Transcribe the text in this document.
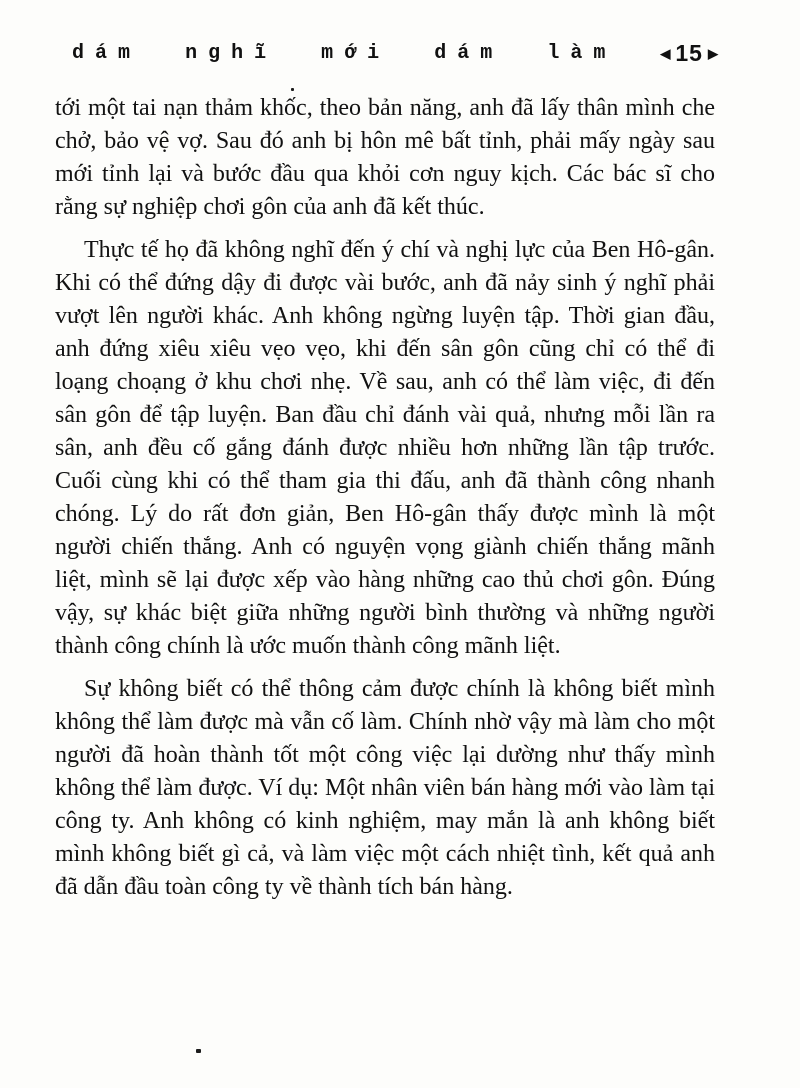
dám nghĩ mới dám làm	◀ 15 ▶

tới một tai nạn thảm khốc, theo bản năng, anh đã lấy thân mình che chở, bảo vệ vợ. Sau đó anh bị hôn mê bất tỉnh, phải mấy ngày sau mới tỉnh lại và bước đầu qua khỏi cơn nguy kịch. Các bác sĩ cho rằng sự nghiệp chơi gôn của anh đã kết thúc.

Thực tế họ đã không nghĩ đến ý chí và nghị lực của Ben Hô-gân. Khi có thể đứng dậy đi được vài bước, anh đã nảy sinh ý nghĩ phải vượt lên người khác. Anh không ngừng luyện tập. Thời gian đầu, anh đứng xiêu xiêu vẹo vẹo, khi đến sân gôn cũng chỉ có thể đi loạng choạng ở khu chơi nhẹ. Về sau, anh có thể làm việc, đi đến sân gôn để tập luyện. Ban đầu chỉ đánh vài quả, nhưng mỗi lần ra sân, anh đều cố gắng đánh được nhiều hơn những lần tập trước. Cuối cùng khi có thể tham gia thi đấu, anh đã thành công nhanh chóng. Lý do rất đơn giản, Ben Hô-gân thấy được mình là một người chiến thắng. Anh có nguyện vọng giành chiến thắng mãnh liệt, mình sẽ lại được xếp vào hàng những cao thủ chơi gôn. Đúng vậy, sự khác biệt giữa những người bình thường và những người thành công chính là ước muốn thành công mãnh liệt.

Sự không biết có thể thông cảm được chính là không biết mình không thể làm được mà vẫn cố làm. Chính nhờ vậy mà làm cho một người đã hoàn thành tốt một công việc lại dường như thấy mình không thể làm được. Ví dụ: Một nhân viên bán hàng mới vào làm tại công ty. Anh không có kinh nghiệm, may mắn là anh không biết mình không biết gì cả, và làm việc một cách nhiệt tình, kết quả anh đã dẫn đầu toàn công ty về thành tích bán hàng.
